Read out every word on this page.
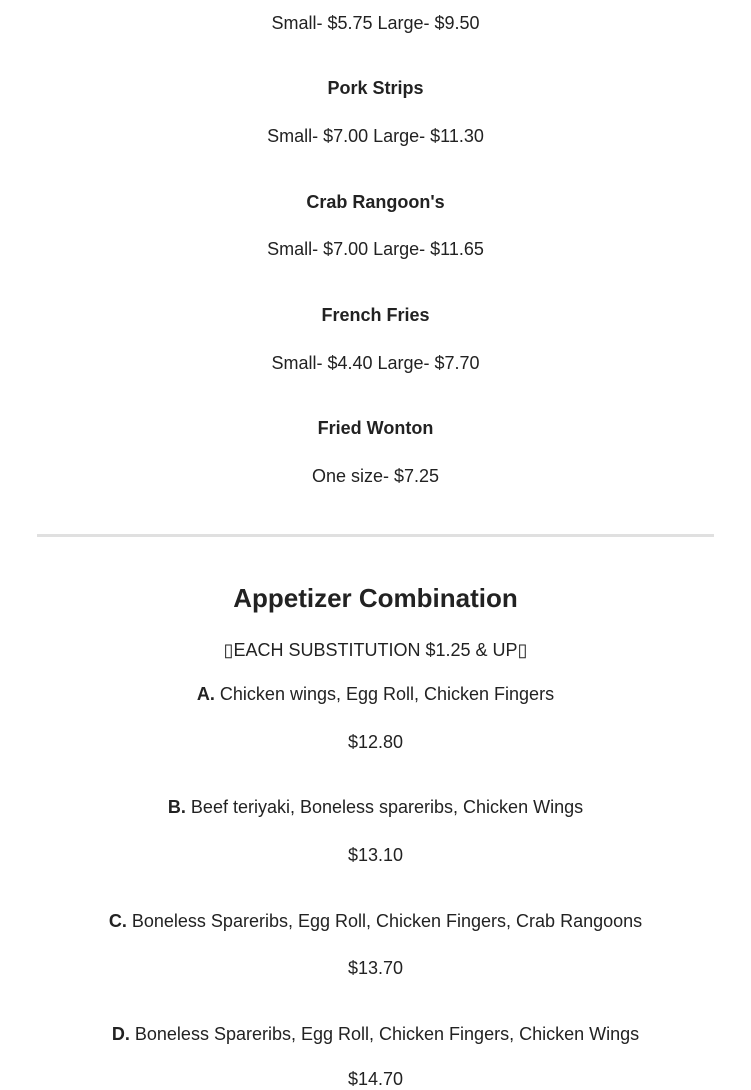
Small- $5.75 Large- $9.50
Pork Strips
Small- $7.00 Large- $11.30
Crab Rangoon's
Small- $7.00 Large- $11.65
French Fries
Small- $4.40 Large- $7.70
Fried Wonton
One size- $7.25
Appetizer Combination
▯EACH SUBSTITUTION $1.25 & UP▯
A. Chicken wings, Egg Roll, Chicken Fingers
$12.80
B. Beef teriyaki, Boneless spareribs, Chicken Wings
$13.10
C. Boneless Spareribs, Egg Roll, Chicken Fingers, Crab Rangoons
$13.70
D. Boneless Spareribs, Egg Roll, Chicken Fingers, Chicken Wings
$14.70
